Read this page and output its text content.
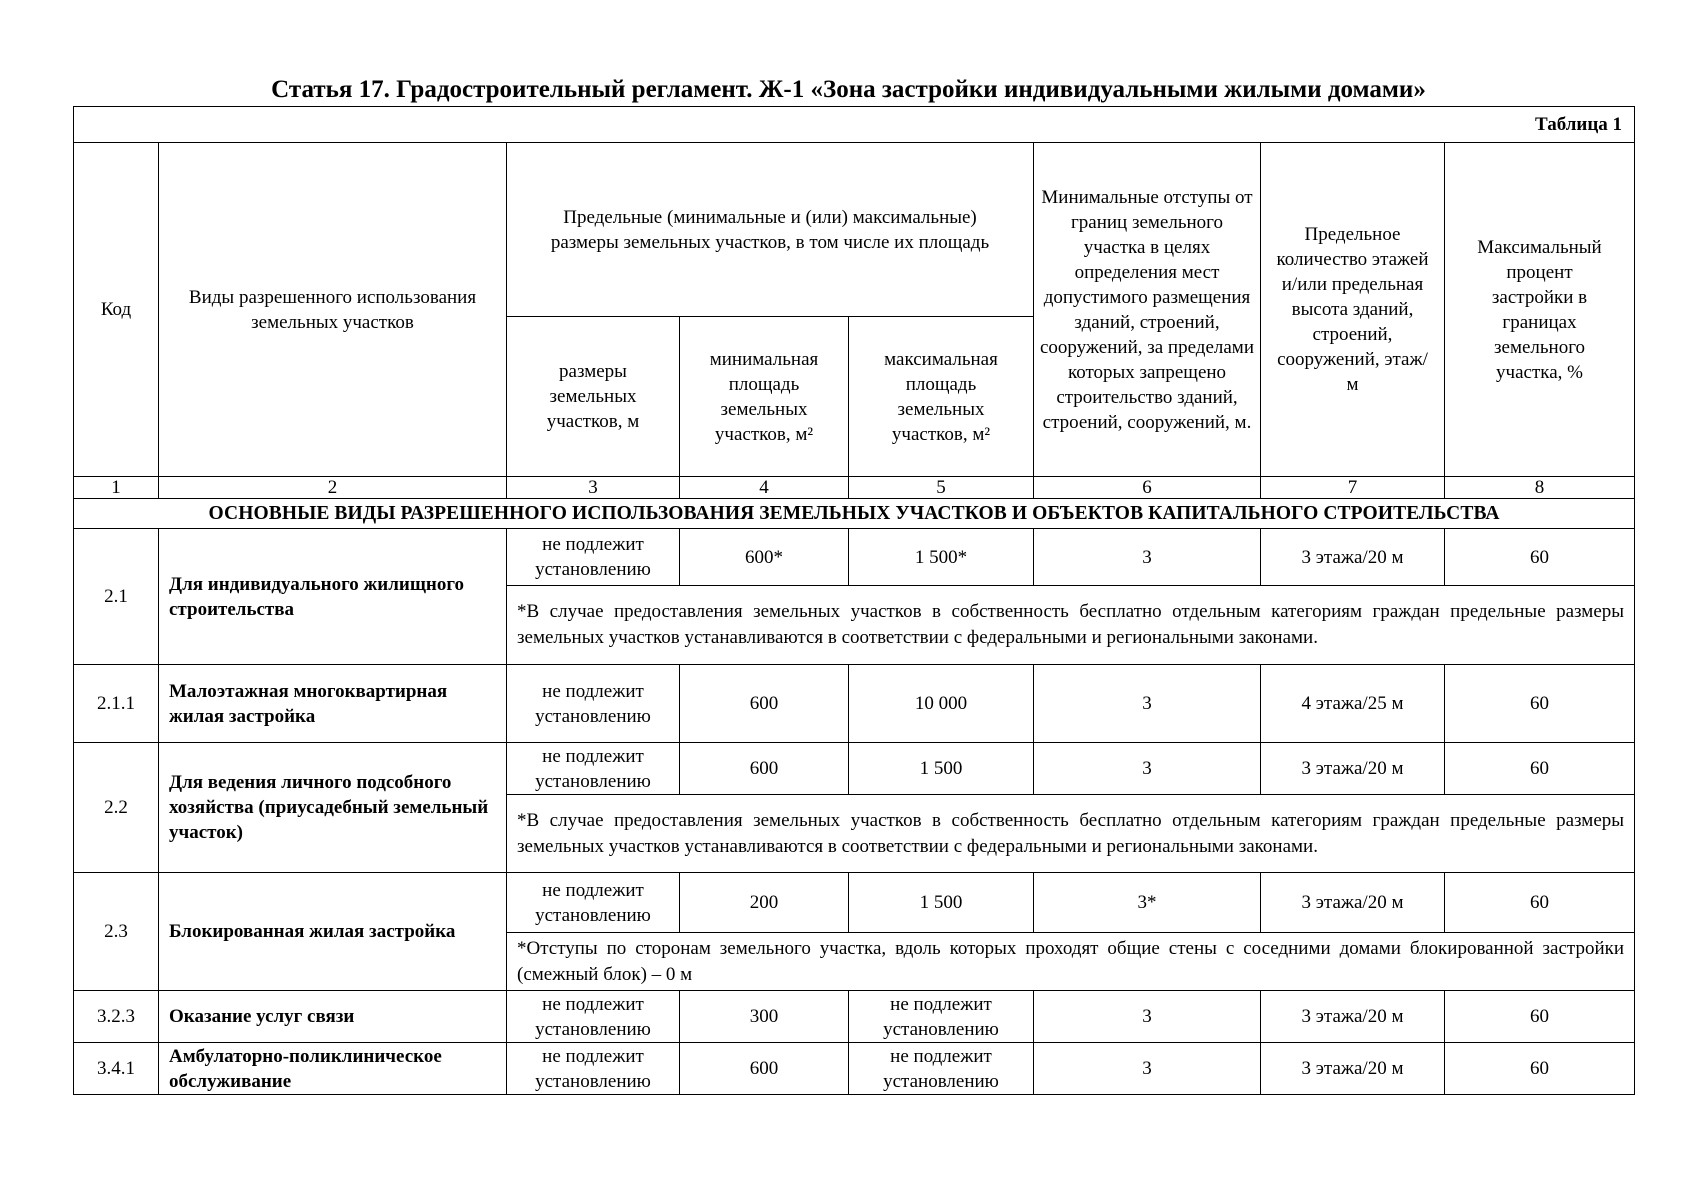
Статья 17. Градостроительный регламент. Ж-1 «Зона застройки индивидуальными жилыми домами»
Таблица 1							
Код	Виды разрешенного использования земельных участков	Предельные (минимальные и (или) максимальные) размеры земельных участков, в том числе их площадь			Минимальные отступы от границ земельного участка в целях определения мест допустимого размещения зданий, строений, сооружений, за пределами которых запрещено строительство зданий, строений, сооружений, м.	Предельное количество этажей и/или предельная высота зданий, строений, сооружений, этаж/м	Максимальный процент застройки в границах земельного участка, %
		размеры земельных участков, м	минимальная площадь земельных участков, м²	максимальная площадь земельных участков, м²			
1	2	3	4	5	6	7	8
ОСНОВНЫЕ ВИДЫ РАЗРЕШЕННОГО ИСПОЛЬЗОВАНИЯ ЗЕМЕЛЬНЫХ УЧАСТКОВ И ОБЪЕКТОВ КАПИТАЛЬНОГО СТРОИТЕЛЬСТВА							
2.1	Для индивидуального жилищного строительства	не подлежит установлению	600*	1 500*	3	3 этажа/20 м	60
		*В случае предоставления земельных участков в собственность бесплатно отдельным категориям граждан предельные размеры земельных участков устанавливаются в соответствии с федеральными и региональными законами.					
2.1.1	Малоэтажная многоквартирная жилая застройка	не подлежит установлению	600	10 000	3	4 этажа/25 м	60
2.2	Для ведения личного подсобного хозяйства (приусадебный земельный участок)	не подлежит установлению	600	1 500	3	3 этажа/20 м	60
		*В случае предоставления земельных участков в собственность бесплатно отдельным категориям граждан предельные размеры земельных участков устанавливаются в соответствии с федеральными и региональными законами.					
2.3	Блокированная жилая застройка	не подлежит установлению	200	1 500	3*	3 этажа/20 м	60
		*Отступы по сторонам земельного участка, вдоль которых проходят общие стены с соседними домами блокированной застройки (смежный блок) – 0 м					
3.2.3	Оказание услуг связи	не подлежит установлению	300	не подлежит установлению	3	3 этажа/20 м	60
3.4.1	Амбулаторно-поликлиническое обслуживание	не подлежит установлению	600	не подлежит установлению	3	3 этажа/20 м	60
